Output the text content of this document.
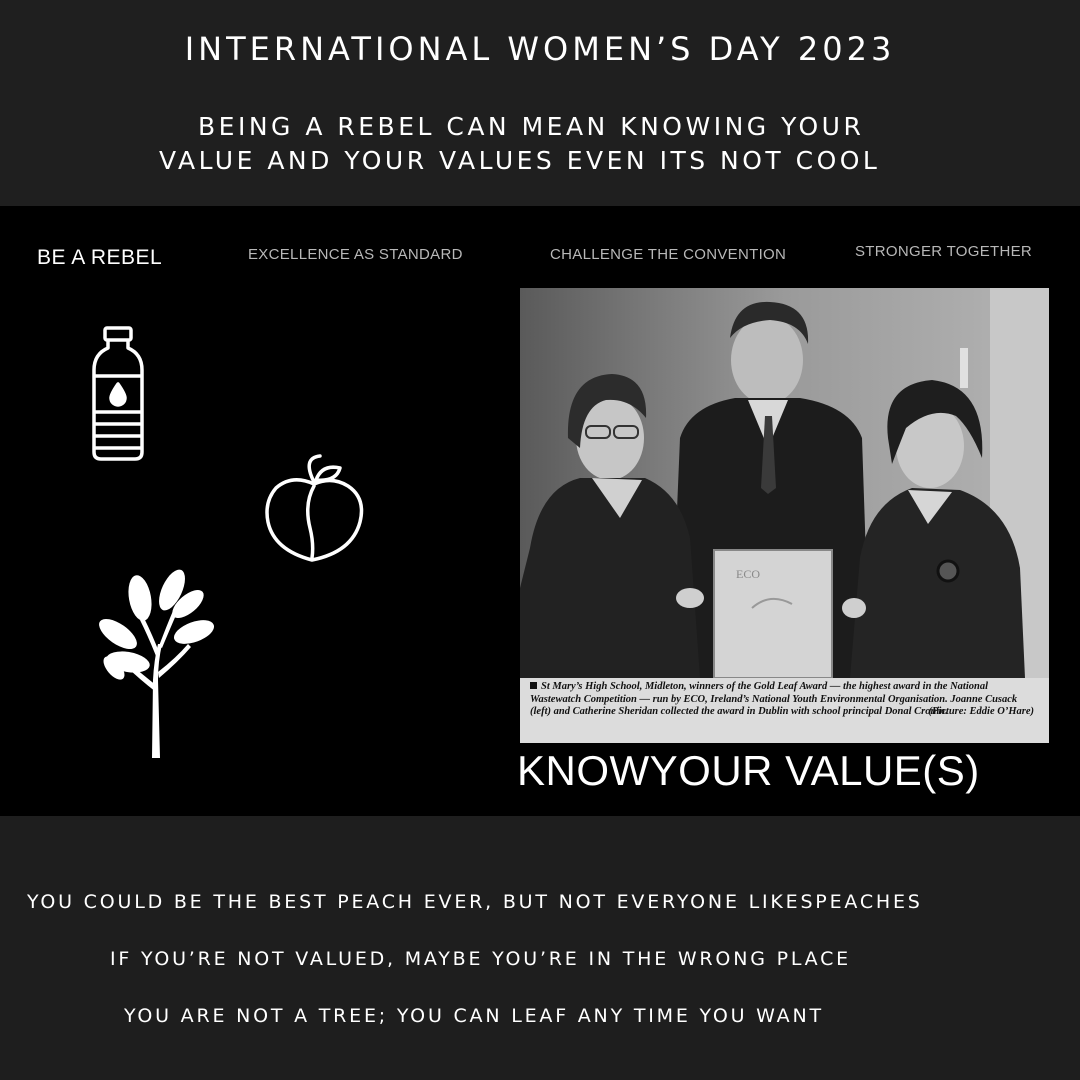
INTERNATIONAL WOMEN’S DAY 2023

BEING A REBEL CAN MEAN KNOWING YOUR

VALUE AND YOUR VALUES EVEN ITS NOT COOL

BE A REBEL	EXCELLENCE AS STANDARD	CHALLENGE THE CONVENTION	STRONGER TOGETHER
ECO
St Mary’s High School, Midleton, winners of the Gold Leaf Award — the highest award in the National Wastewatch Competition — run by ECO, Ireland’s National Youth Environmental Organisation. Joanne Cusack (left) and Catherine Sheridan collected the award in Dublin with school principal Donal Cronin.
(Picture: Eddie O’Hare)
KNOWYOUR VALUE(S)

YOU COULD BE THE BEST PEACH EVER, BUT NOT EVERYONE LIKESPEACHES

IF YOU’RE NOT VALUED, MAYBE YOU’RE IN THE WRONG PLACE

YOU ARE NOT A TREE; YOU CAN LEAF ANY TIME YOU WANT
